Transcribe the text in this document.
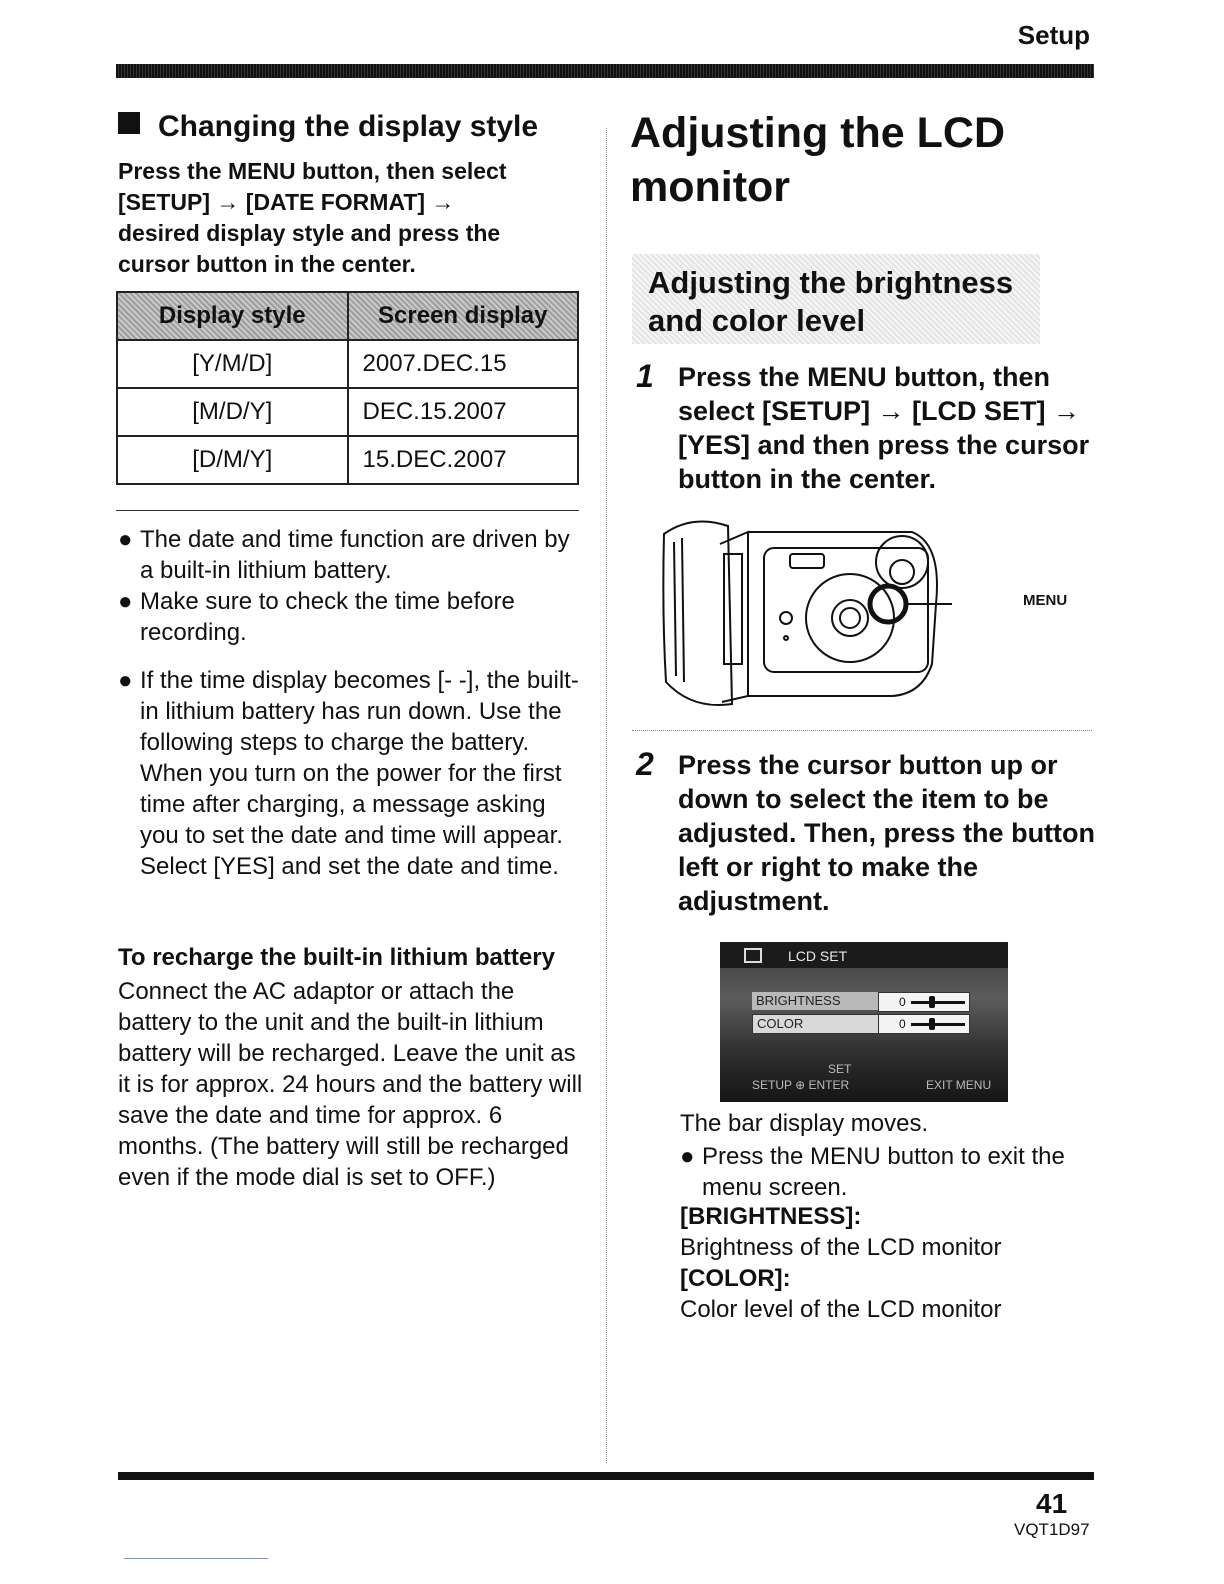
Setup
Changing the display style
Press the MENU button, then select
[SETUP] → [DATE FORMAT] →
desired display style and press the
cursor button in the center.
Display style	Screen display
[Y/M/D]	2007.DEC.15
[M/D/Y]	DEC.15.2007
[D/M/Y]	15.DEC.2007
● The date and time function are driven by a built-in lithium battery.
● Make sure to check the time before recording.
● If the time display becomes [- -], the built-in lithium battery has run down. Use the following steps to charge the battery. When you turn on the power for the first time after charging, a message asking you to set the date and time will appear. Select [YES] and set the date and time.
To recharge the built-in lithium battery
Connect the AC adaptor or attach the battery to the unit and the built-in lithium battery will be recharged. Leave the unit as it is for approx. 24 hours and the battery will save the date and time for approx. 6 months. (The battery will still be recharged even if the mode dial is set to OFF.)
Adjusting the LCD monitor
Adjusting the brightness and color level
1 Press the MENU button, then select [SETUP] → [LCD SET] → [YES] and then press the cursor button in the center.
MENU
2 Press the cursor button up or down to select the item to be adjusted. Then, press the button left or right to make the adjustment.
LCD SET
BRIGHTNESS	0
COLOR	0
SET
SETUP ⊕ ENTER	EXIT MENU
The bar display moves.
● Press the MENU button to exit the menu screen.
[BRIGHTNESS]:
Brightness of the LCD monitor
[COLOR]:
Color level of the LCD monitor
41
VQT1D97
